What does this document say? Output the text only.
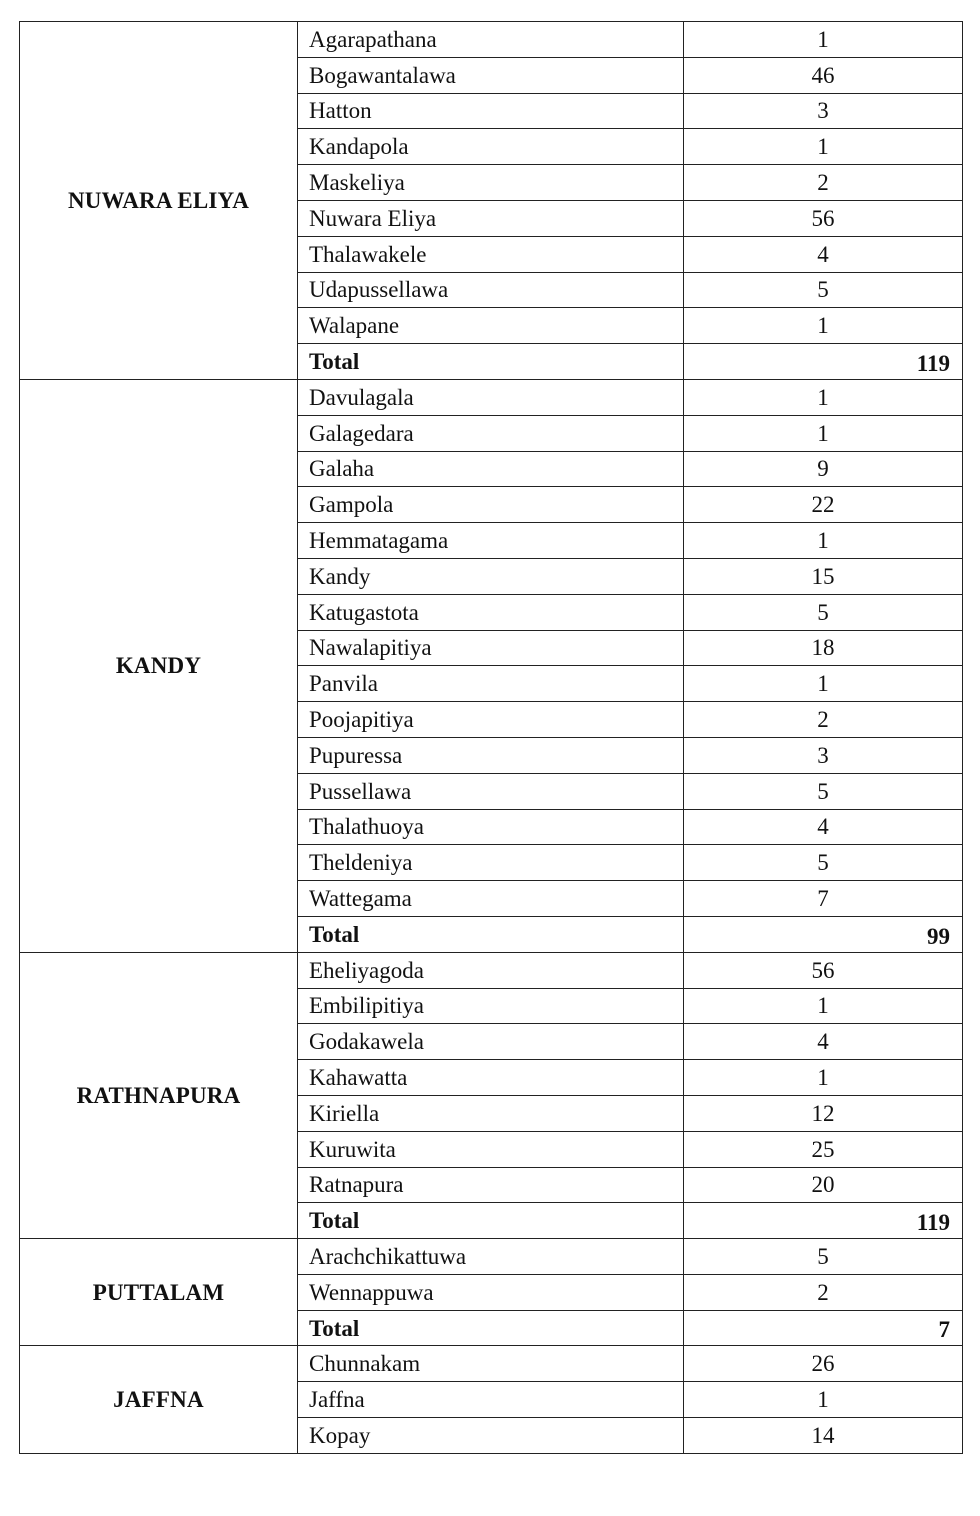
NUWARA ELIYA	Agarapathana	1
	Bogawantalawa	46
	Hatton	3
	Kandapola	1
	Maskeliya	2
	Nuwara Eliya	56
	Thalawakele	4
	Udapussellawa	5
	Walapane	1
	Total	119
KANDY	Davulagala	1
	Galagedara	1
	Galaha	9
	Gampola	22
	Hemmatagama	1
	Kandy	15
	Katugastota	5
	Nawalapitiya	18
	Panvila	1
	Poojapitiya	2
	Pupuressa	3
	Pussellawa	5
	Thalathuoya	4
	Theldeniya	5
	Wattegama	7
	Total	99
RATHNAPURA	Eheliyagoda	56
	Embilipitiya	1
	Godakawela	4
	Kahawatta	1
	Kiriella	12
	Kuruwita	25
	Ratnapura	20
	Total	119
PUTTALAM	Arachchikattuwa	5
	Wennappuwa	2
	Total	7
JAFFNA	Chunnakam	26
	Jaffna	1
	Kopay	14
